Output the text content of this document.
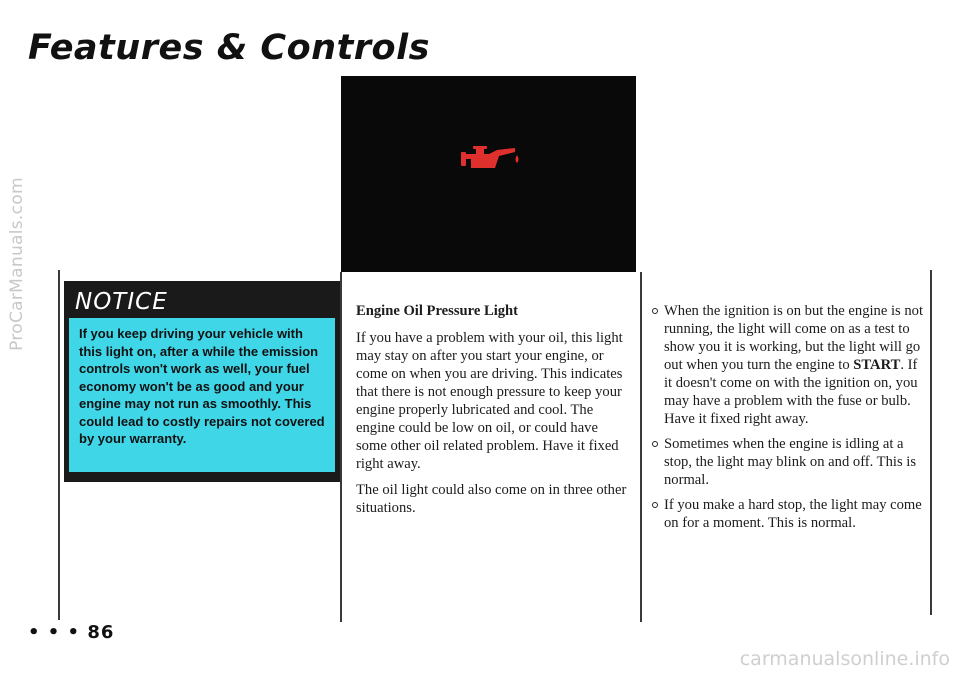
ProCarManuals.com
carmanualsonline.info
Features & Controls
NOTICE
If you keep driving your vehicle with this light on, after a while the emission controls won't work as well, your fuel economy won't be as good and your engine may not run as smoothly. This could lead to costly repairs not covered by your warranty.

Engine Oil Pressure Light

If you have a problem with your oil, this light may stay on after you start your engine, or come on when you are driving. This indicates that there is not enough pressure to keep your engine properly lubricated and cool. The engine could be low on oil, or could have some other oil related problem. Have it fixed right away.

The oil light could also come on in three other situations.

When the ignition is on but the engine is not running, the light will come on as a test to show you it is working, but the light will go out when you turn the engine to START. If it doesn't come on with the ignition on, you may have a problem with the fuse or bulb. Have it fixed right away.
Sometimes when the engine is idling at a stop, the light may blink on and off. This is normal.
If you make a hard stop, the light may come on for a moment. This is normal.
• • • 86
